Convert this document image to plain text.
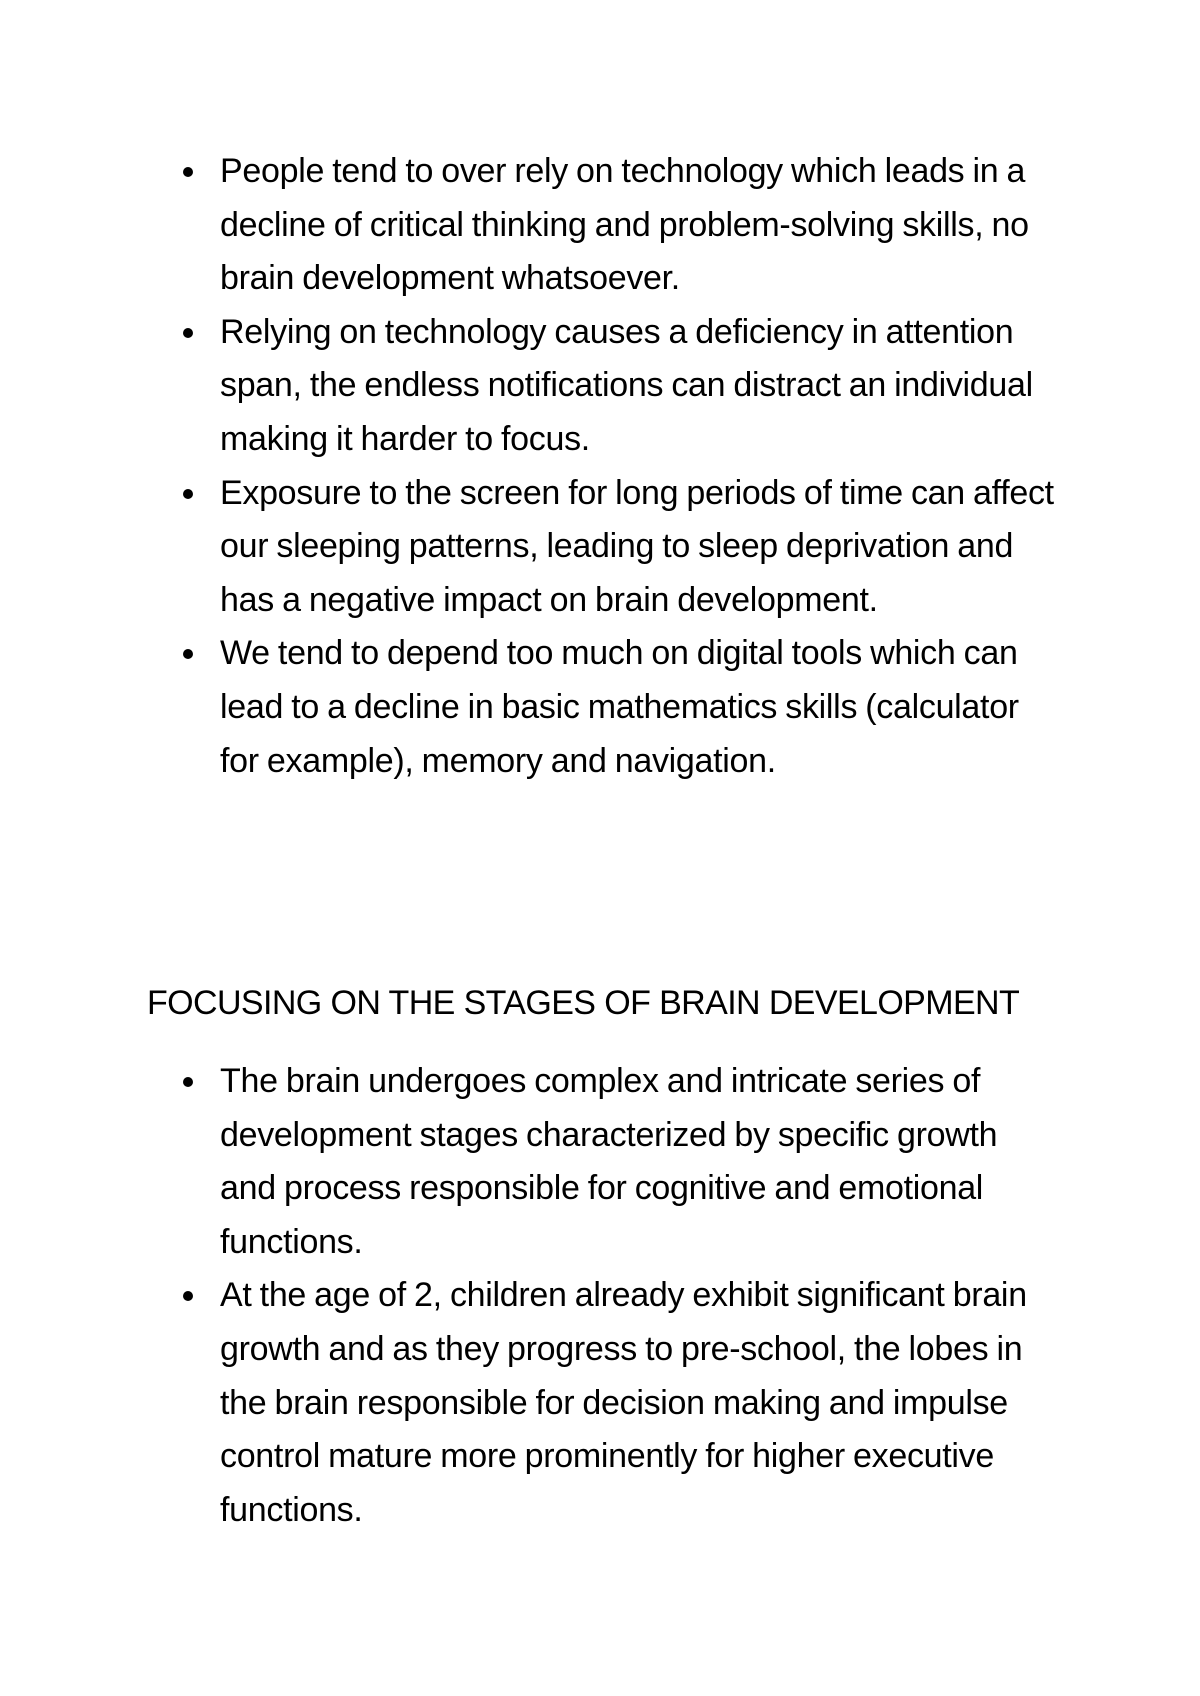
People tend to over rely on technology which leads in a decline of critical thinking and problem-solving skills, no brain development whatsoever.
Relying on technology causes a deficiency in attention span, the endless notifications can distract an individual making it harder to focus.
Exposure to the screen for long periods of time can affect our sleeping patterns, leading to sleep deprivation and has a negative impact on brain development.
We tend to depend too much on digital tools which can lead to a decline in basic mathematics skills (calculator for example), memory and navigation.
FOCUSING ON THE STAGES OF BRAIN DEVELOPMENT
The brain undergoes complex and intricate series of development stages characterized by specific growth and process responsible for cognitive and emotional functions.
At the age of 2, children already exhibit significant brain growth and as they progress to pre-school, the lobes in the brain responsible for decision making and impulse control mature more prominently for higher executive functions.
